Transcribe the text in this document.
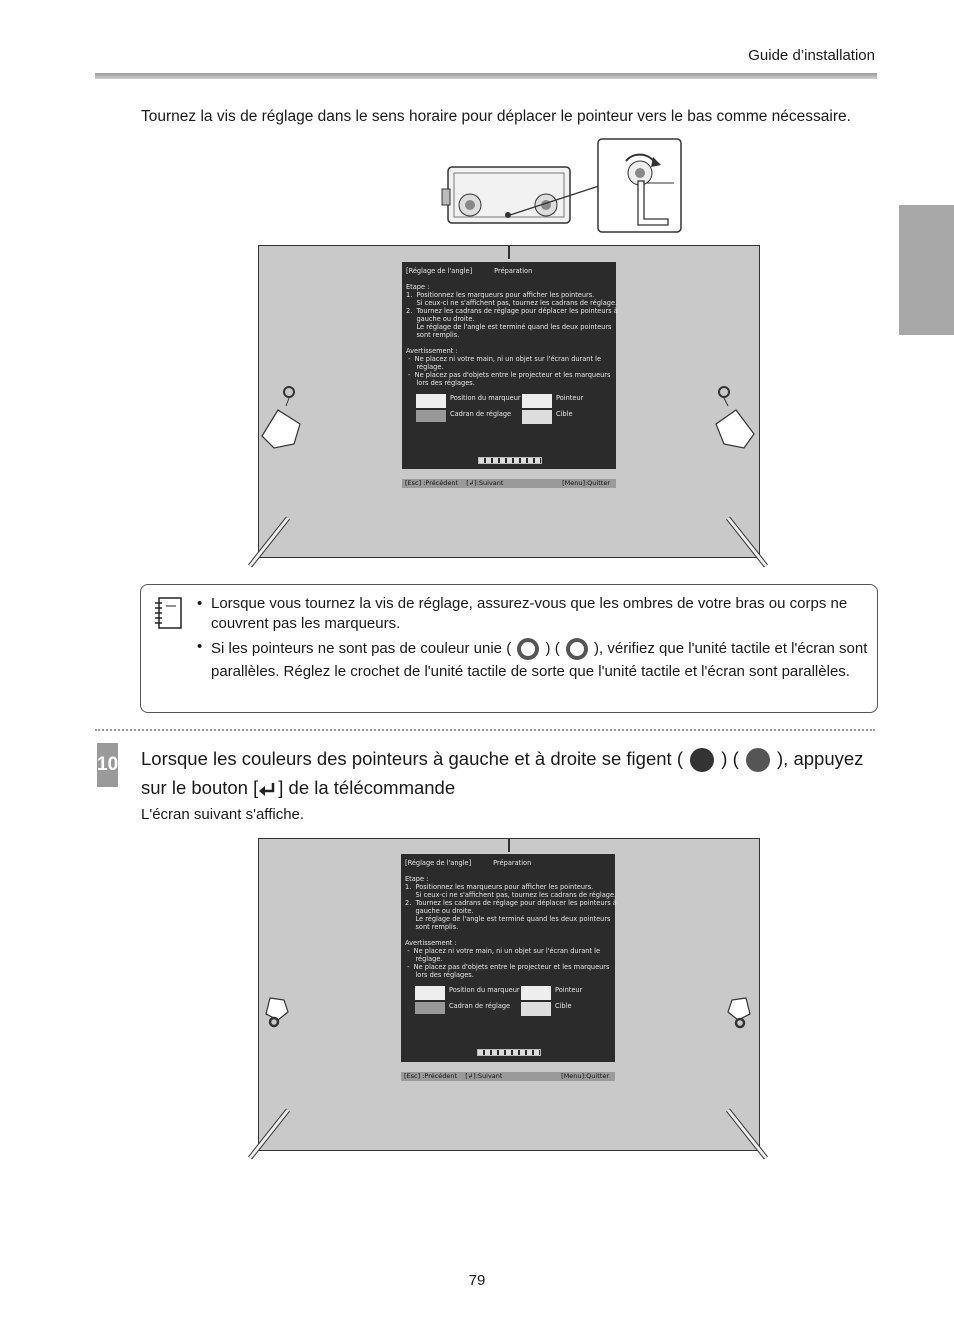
Guide d’installation
Tournez la vis de réglage dans le sens horaire pour déplacer le pointeur vers le bas comme nécessaire.
[Réglage de l'angle]	Préparation
Etape :
1.  Positionnez les marqueurs pour afficher les pointeurs.
Si ceux-ci ne s'affichent pas, tournez les cadrans de réglage.
2.  Tournez les cadrans de réglage pour déplacer les pointeurs à
gauche ou droite.
Le réglage de l'angle est terminé quand les deux pointeurs
sont remplis.
Avertissement :
-  Ne placez ni votre main, ni un objet sur l'écran durant le
réglage.
-  Ne placez pas d'objets entre le projecteur et les marqueurs
lors des réglages.
Position du marqueur
Cadran de réglage
Pointeur
Cible
[Esc] :Précédent [↲]:Suivant	[Menu]:Quitter
• Lorsque vous tournez la vis de réglage, assurez-vous que les ombres de votre bras ou corps ne couvrent pas les marqueurs.
• Si les pointeurs ne sont pas de couleur unie ( ) ( ), vérifiez que l'unité tactile et l'écran sont parallèles. Réglez le crochet de l'unité tactile de sorte que l'unité tactile et l'écran sont parallèles.
10 Lorsque les couleurs des pointeurs à gauche et à droite se figent ( ) ( ), appuyez sur le bouton [ ] de la télécommande
L'écran suivant s'affiche.
[Réglage de l'angle]	Préparation
Etape :
1.  Positionnez les marqueurs pour afficher les pointeurs.
Si ceux-ci ne s'affichent pas, tournez les cadrans de réglage.
2.  Tournez les cadrans de réglage pour déplacer les pointeurs à
gauche ou droite.
Le réglage de l'angle est terminé quand les deux pointeurs
sont remplis.
Avertissement :
-  Ne placez ni votre main, ni un objet sur l'écran durant le
réglage.
-  Ne placez pas d'objets entre le projecteur et les marqueurs
lors des réglages.
Position du marqueur
Cadran de réglage
Pointeur
Cible
[Esc] :Précédent [↲]:Suivant	[Menu]:Quitter
79
